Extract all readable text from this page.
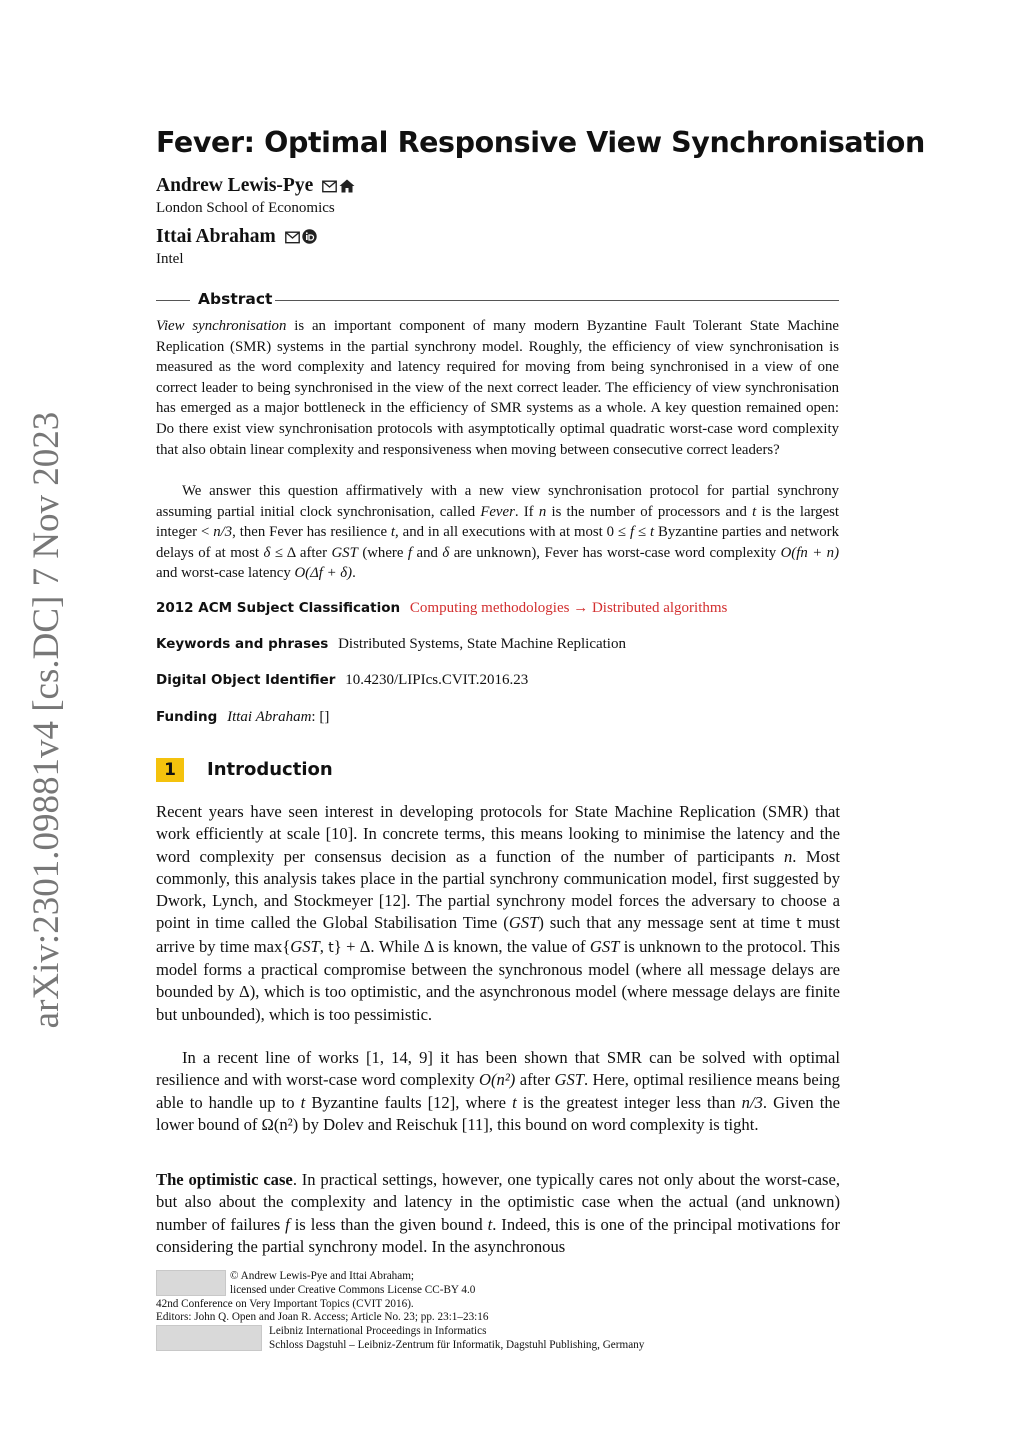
arXiv:2301.09881v4 [cs.DC] 7 Nov 2023
Fever: Optimal Responsive View Synchronisation
Andrew Lewis-Pye
London School of Economics
Ittai Abraham
Intel
Abstract

View synchronisation is an important component of many modern Byzantine Fault Tolerant State Machine Replication (SMR) systems in the partial synchrony model. Roughly, the efficiency of view synchronisation is measured as the word complexity and latency required for moving from being synchronised in a view of one correct leader to being synchronised in the view of the next correct leader. The efficiency of view synchronisation has emerged as a major bottleneck in the efficiency of SMR systems as a whole. A key question remained open: Do there exist view synchronisation protocols with asymptotically optimal quadratic worst-case word complexity that also obtain linear complexity and responsiveness when moving between consecutive correct leaders?

We answer this question affirmatively with a new view synchronisation protocol for partial synchrony assuming partial initial clock synchronisation, called Fever. If n is the number of processors and t is the largest integer < n/3, then Fever has resilience t, and in all executions with at most 0 ≤ f ≤ t Byzantine parties and network delays of at most δ ≤ Δ after GST (where f and δ are unknown), Fever has worst-case word complexity O(fn + n) and worst-case latency O(Δf + δ).

2012 ACM Subject Classification Computing methodologies → Distributed algorithms
Keywords and phrases Distributed Systems, State Machine Replication
Digital Object Identifier 10.4230/LIPIcs.CVIT.2016.23
Funding Ittai Abraham: []
1	Introduction

Recent years have seen interest in developing protocols for State Machine Replication (SMR) that work efficiently at scale [10]. In concrete terms, this means looking to minimise the latency and the word complexity per consensus decision as a function of the number of participants n. Most commonly, this analysis takes place in the partial synchrony communication model, first suggested by Dwork, Lynch, and Stockmeyer [12]. The partial synchrony model forces the adversary to choose a point in time called the Global Stabilisation Time (GST) such that any message sent at time t must arrive by time max{GST, t} + Δ. While Δ is known, the value of GST is unknown to the protocol. This model forms a practical compromise between the synchronous model (where all message delays are bounded by Δ), which is too optimistic, and the asynchronous model (where message delays are finite but unbounded), which is too pessimistic.

In a recent line of works [1, 14, 9] it has been shown that SMR can be solved with optimal resilience and with worst-case word complexity O(n²) after GST. Here, optimal resilience means being able to handle up to t Byzantine faults [12], where t is the greatest integer less than n/3. Given the lower bound of Ω(n²) by Dolev and Reischuk [11], this bound on word complexity is tight.

The optimistic case. In practical settings, however, one typically cares not only about the worst-case, but also about the complexity and latency in the optimistic case when the actual (and unknown) number of failures f is less than the given bound t. Indeed, this is one of the principal motivations for considering the partial synchrony model. In the asynchronous

© Andrew Lewis-Pye and Ittai Abraham;
licensed under Creative Commons License CC-BY 4.0
42nd Conference on Very Important Topics (CVIT 2016).
Editors: John Q. Open and Joan R. Access; Article No. 23; pp. 23:1–23:16
Leibniz International Proceedings in Informatics
Schloss Dagstuhl – Leibniz-Zentrum für Informatik, Dagstuhl Publishing, Germany
